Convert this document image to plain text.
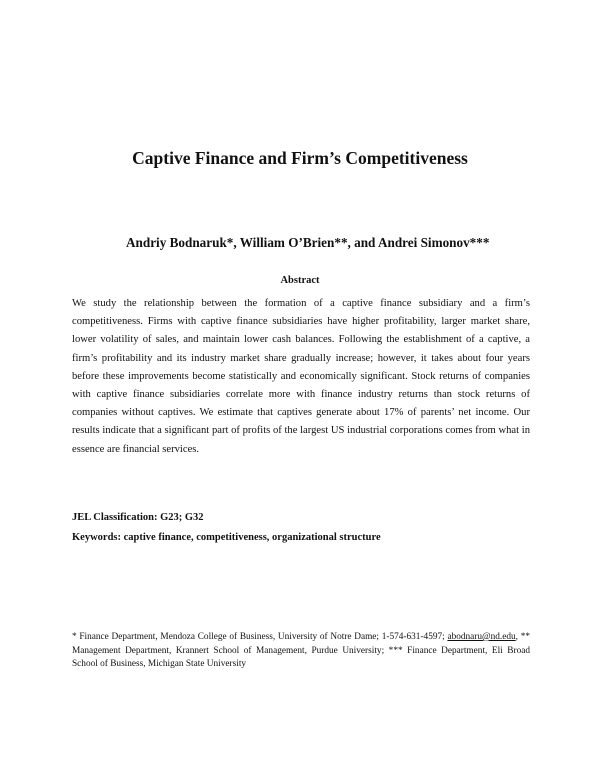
Captive Finance and Firm’s Competitiveness
Andriy Bodnaruk*, William O’Brien**, and Andrei Simonov***
Abstract

We study the relationship between the formation of a captive finance subsidiary and a firm’s competitiveness. Firms with captive finance subsidiaries have higher profitability, larger market share, lower volatility of sales, and maintain lower cash balances. Following the establishment of a captive, a firm’s profitability and its industry market share gradually increase; however, it takes about four years before these improvements become statistically and economically significant. Stock returns of companies with captive finance subsidiaries correlate more with finance industry returns than stock returns of companies without captives. We estimate that captives generate about 17% of parents’ net income. Our results indicate that a significant part of profits of the largest US industrial corporations comes from what in essence are financial services.

JEL Classification: G23; G32
Keywords: captive finance, competitiveness, organizational structure

* Finance Department, Mendoza College of Business, University of Notre Dame; 1-574-631-4597; abodnaru@nd.edu, ** Management Department, Krannert School of Management, Purdue University; *** Finance Department, Eli Broad School of Business, Michigan State University
